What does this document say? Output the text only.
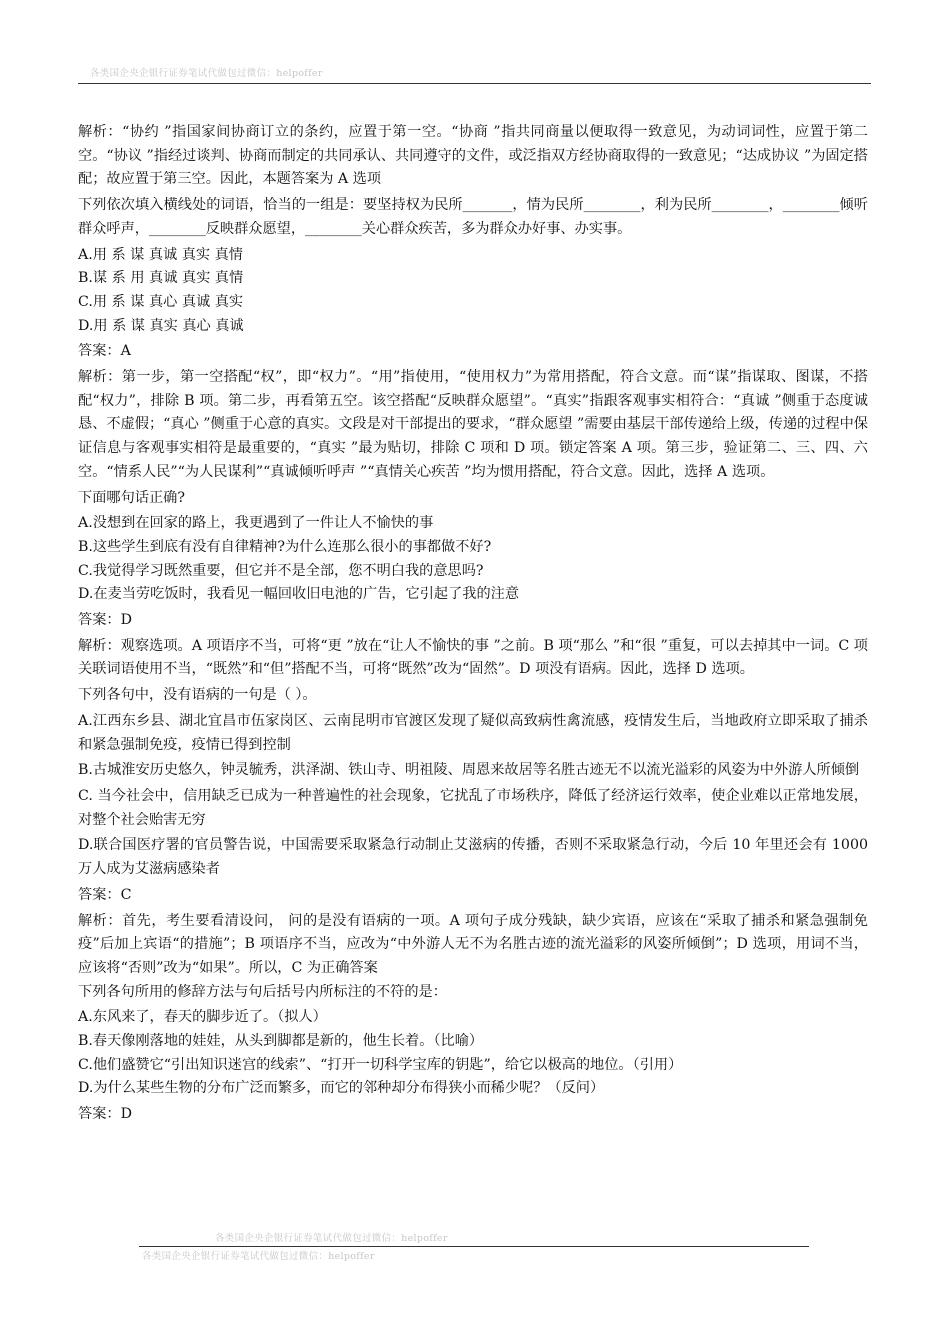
各类国企央企银行证券笔试代做包过微信：helpoffer

解析：“协约 ”指国家间协商订立的条约，应置于第一空。“协商 ”指共同商量以便取得一致意见，为动词词性，应置于第二空。“协议 ”指经过谈判、协商而制定的共同承认、共同遵守的文件，或泛指双方经协商取得的一致意见；“达成协议 ”为固定搭配；故应置于第三空。因此，本题答案为 A 选项

下列依次填入横线处的词语，恰当的一组是：要坚持权为民所_______，情为民所________，利为民所________，________倾听群众呼声，________反映群众愿望，________关心群众疾苦，多为群众办好事、办实事。

A.用 系 谋 真诚 真实 真情

B.谋 系 用 真诚 真实 真情

C.用 系 谋 真心 真诚 真实

D.用 系 谋 真实 真心 真诚

答案：A

解析：第一步，第一空搭配“权”，即“权力”。“用”指使用，“使用权力”为常用搭配，符合文意。而“谋”指谋取、图谋，不搭配“权力”，排除 B 项。第二步，再看第五空。该空搭配“反映群众愿望”。“真实”指跟客观事实相符合：“真诚 ”侧重于态度诚恳、不虚假；“真心 ”侧重于心意的真实。文段是对干部提出的要求，“群众愿望 ”需要由基层干部传递给上级，传递的过程中保证信息与客观事实相符是最重要的，“真实 ”最为贴切，排除 C 项和 D 项。锁定答案 A 项。第三步，验证第二、三、四、六空。“情系人民”“为人民谋利”“真诚倾听呼声 ”“真情关心疾苦 ”均为惯用搭配，符合文意。因此，选择 A 选项。

下面哪句话正确?

A.没想到在回家的路上，我更遇到了一件让人不愉快的事

B.这些学生到底有没有自律精神?为什么连那么很小的事都做不好?

C.我觉得学习既然重要，但它并不是全部，您不明白我的意思吗?

D.在麦当劳吃饭时，我看见一幅回收旧电池的广告，它引起了我的注意

答案：D

解析：观察选项。A 项语序不当，可将“更 ”放在“让人不愉快的事 ”之前。B 项“那么 ”和“很 ”重复，可以去掉其中一词。C 项关联词语使用不当，“既然”和“但”搭配不当，可将“既然”改为“固然”。D 项没有语病。因此，选择 D 选项。

下列各句中，没有语病的一句是（ ）。

A.江西东乡县、湖北宜昌市伍家岗区、云南昆明市官渡区发现了疑似高致病性禽流感，疫情发生后，当地政府立即采取了捕杀和紧急强制免疫，疫情已得到控制

B.古城淮安历史悠久，钟灵毓秀，洪泽湖、铁山寺、明祖陵、周恩来故居等名胜古迹无不以流光溢彩的风姿为中外游人所倾倒

C. 当今社会中，信用缺乏已成为一种普遍性的社会现象，它扰乱了市场秩序，降低了经济运行效率，使企业难以正常地发展，对整个社会贻害无穷

D.联合国医疗署的官员警告说，中国需要采取紧急行动制止艾滋病的传播，否则不采取紧急行动，今后 10 年里还会有 1000 万人成为艾滋病感染者

答案：C

解析：首先，考生要看清设问， 问的是没有语病的一项。A 项句子成分残缺，缺少宾语，应该在“采取了捕杀和紧急强制免疫”后加上宾语“的措施”；B 项语序不当，应改为“中外游人无不为名胜古迹的流光溢彩的风姿所倾倒”；D 选项，用词不当，应该将“否则”改为“如果”。所以，C 为正确答案

下列各句所用的修辞方法与句后括号内所标注的不符的是：

A.东风来了，春天的脚步近了。（拟人）

B.春天像刚落地的娃娃，从头到脚都是新的，他生长着。（比喻）

C.他们盛赞它“引出知识迷宫的线索”、“打开一切科学宝库的钥匙”，给它以极高的地位。（引用）

D.为什么某些生物的分布广泛而繁多，而它的邻种却分布得狭小而稀少呢？（反问）

答案：D

各类国企央企银行证券笔试代做包过微信：helpoffer
各类国企央企银行证券笔试代做包过微信：helpoffer
